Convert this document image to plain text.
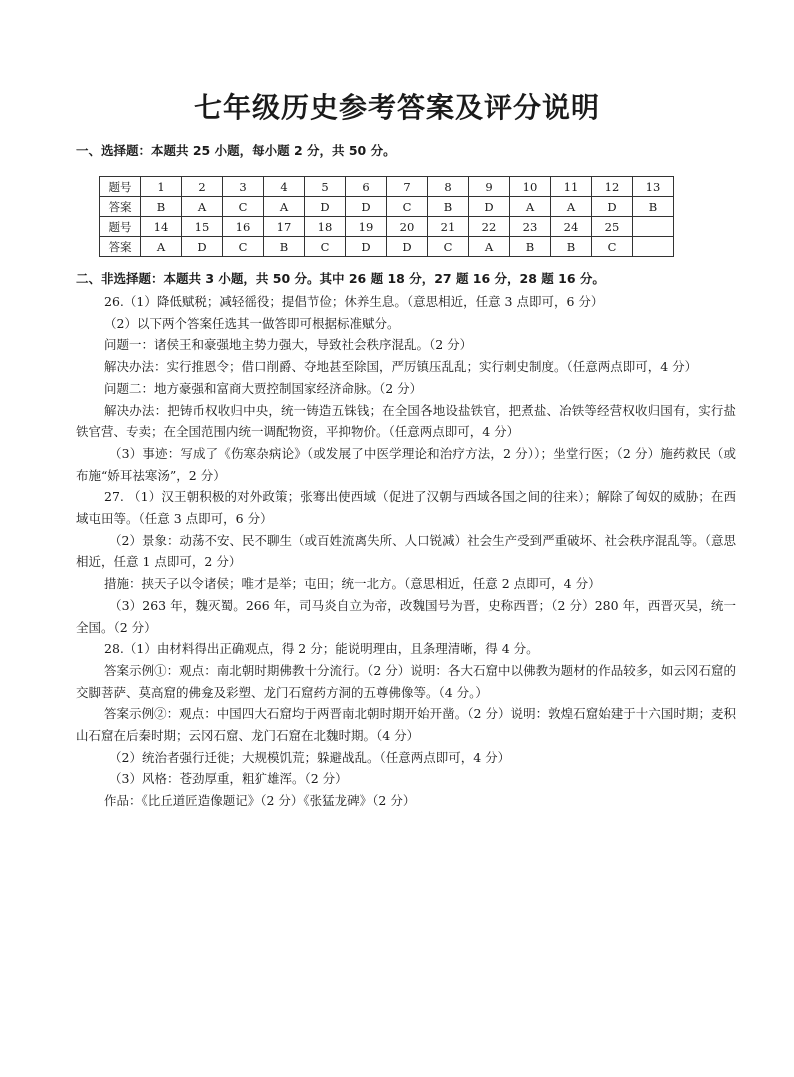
七年级历史参考答案及评分说明
一、选择题：本题共 25 小题，每小题 2 分，共 50 分。
题号	1	2	3	4	5	6	7	8	9	10	11	12	13
答案	B	A	C	A	D	D	C	B	D	A	A	D	B
题号	14	15	16	17	18	19	20	21	22	23	24	25	
答案	A	D	C	B	C	D	D	C	A	B	B	C	
二、非选择题：本题共 3 小题，共 50 分。其中 26 题 18 分，27 题 16 分，28 题 16 分。

26.（1）降低赋税；减轻徭役；提倡节俭；休养生息。（意思相近，任意 3 点即可，6 分）

（2）以下两个答案任选其一做答即可根据标准赋分。

问题一：诸侯王和豪强地主势力强大，导致社会秩序混乱。（2 分）

解决办法：实行推恩令；借口削爵、夺地甚至除国，严厉镇压乱乱；实行刺史制度。（任意两点即可，4 分）

问题二：地方豪强和富商大贾控制国家经济命脉。（2 分）

解决办法：把铸币权收归中央，统一铸造五铢钱；在全国各地设盐铁官，把煮盐、冶铁等经营权收归国有，实行盐铁官营、专卖；在全国范围内统一调配物资，平抑物价。（任意两点即可，4 分）

（3）事迹：写成了《伤寒杂病论》（或发展了中医学理论和治疗方法，2 分））；坐堂行医；（2 分）施药救民（或布施“娇耳祛寒汤”，2 分）

27. （1）汉王朝积极的对外政策；张骞出使西域（促进了汉朝与西域各国之间的往来）；解除了匈奴的威胁；在西域屯田等。（任意 3 点即可，6 分）

（2）景象：动荡不安、民不聊生（或百姓流离失所、人口锐减）社会生产受到严重破坏、社会秩序混乱等。（意思相近，任意 1 点即可，2 分）

措施：挟天子以令诸侯；唯才是举；屯田；统一北方。（意思相近，任意 2 点即可，4 分）

（3）263 年，魏灭蜀。266 年，司马炎自立为帝，改魏国号为晋，史称西晋；（2 分）280 年，西晋灭吴，统一全国。（2 分）

28.（1）由材料得出正确观点，得 2 分；能说明理由，且条理清晰，得 4 分。

答案示例①：观点：南北朝时期佛教十分流行。（2 分）说明：各大石窟中以佛教为题材的作品较多，如云冈石窟的交脚菩萨、莫高窟的佛龛及彩塑、龙门石窟药方洞的五尊佛像等。（4 分。）

答案示例②：观点：中国四大石窟均于两晋南北朝时期开始开凿。（2 分）说明：敦煌石窟始建于十六国时期；麦积山石窟在后秦时期；云冈石窟、龙门石窟在北魏时期。（4 分）

（2）统治者强行迁徙；大规模饥荒；躲避战乱。（任意两点即可，4 分）

（3）风格：苍劲厚重，粗犷雄浑。（2 分）

作品：《比丘道匠造像题记》（2 分）《张猛龙碑》（2 分）
